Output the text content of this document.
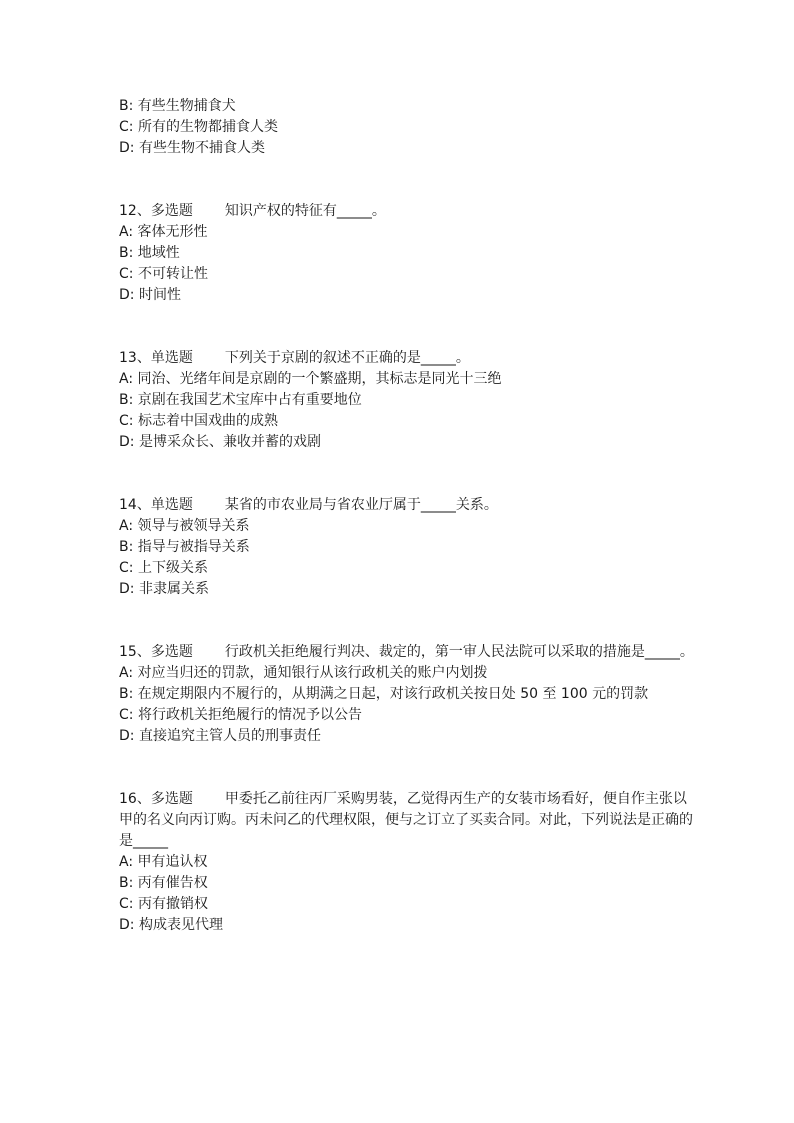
B: 有些生物捕食犬
C: 所有的生物都捕食人类
D: 有些生物不捕食人类
12、多选题 知识产权的特征有_____。
A: 客体无形性
B: 地域性
C: 不可转让性
D: 时间性
13、单选题 下列关于京剧的叙述不正确的是_____。
A: 同治、光绪年间是京剧的一个繁盛期，其标志是同光十三绝
B: 京剧在我国艺术宝库中占有重要地位
C: 标志着中国戏曲的成熟
D: 是博采众长、兼收并蓄的戏剧
14、单选题 某省的市农业局与省农业厅属于_____关系。
A: 领导与被领导关系
B: 指导与被指导关系
C: 上下级关系
D: 非隶属关系
15、多选题 行政机关拒绝履行判决、裁定的，第一审人民法院可以采取的措施是_____。
A: 对应当归还的罚款，通知银行从该行政机关的账户内划拨
B: 在规定期限内不履行的，从期满之日起，对该行政机关按日处 50 至 100 元的罚款
C: 将行政机关拒绝履行的情况予以公告
D: 直接追究主管人员的刑事责任
16、多选题 甲委托乙前往丙厂采购男装，乙觉得丙生产的女装市场看好，便自作主张以甲的名义向丙订购。丙未问乙的代理权限，便与之订立了买卖合同。对此，下列说法是正确的是_____
A: 甲有追认权
B: 丙有催告权
C: 丙有撤销权
D: 构成表见代理
